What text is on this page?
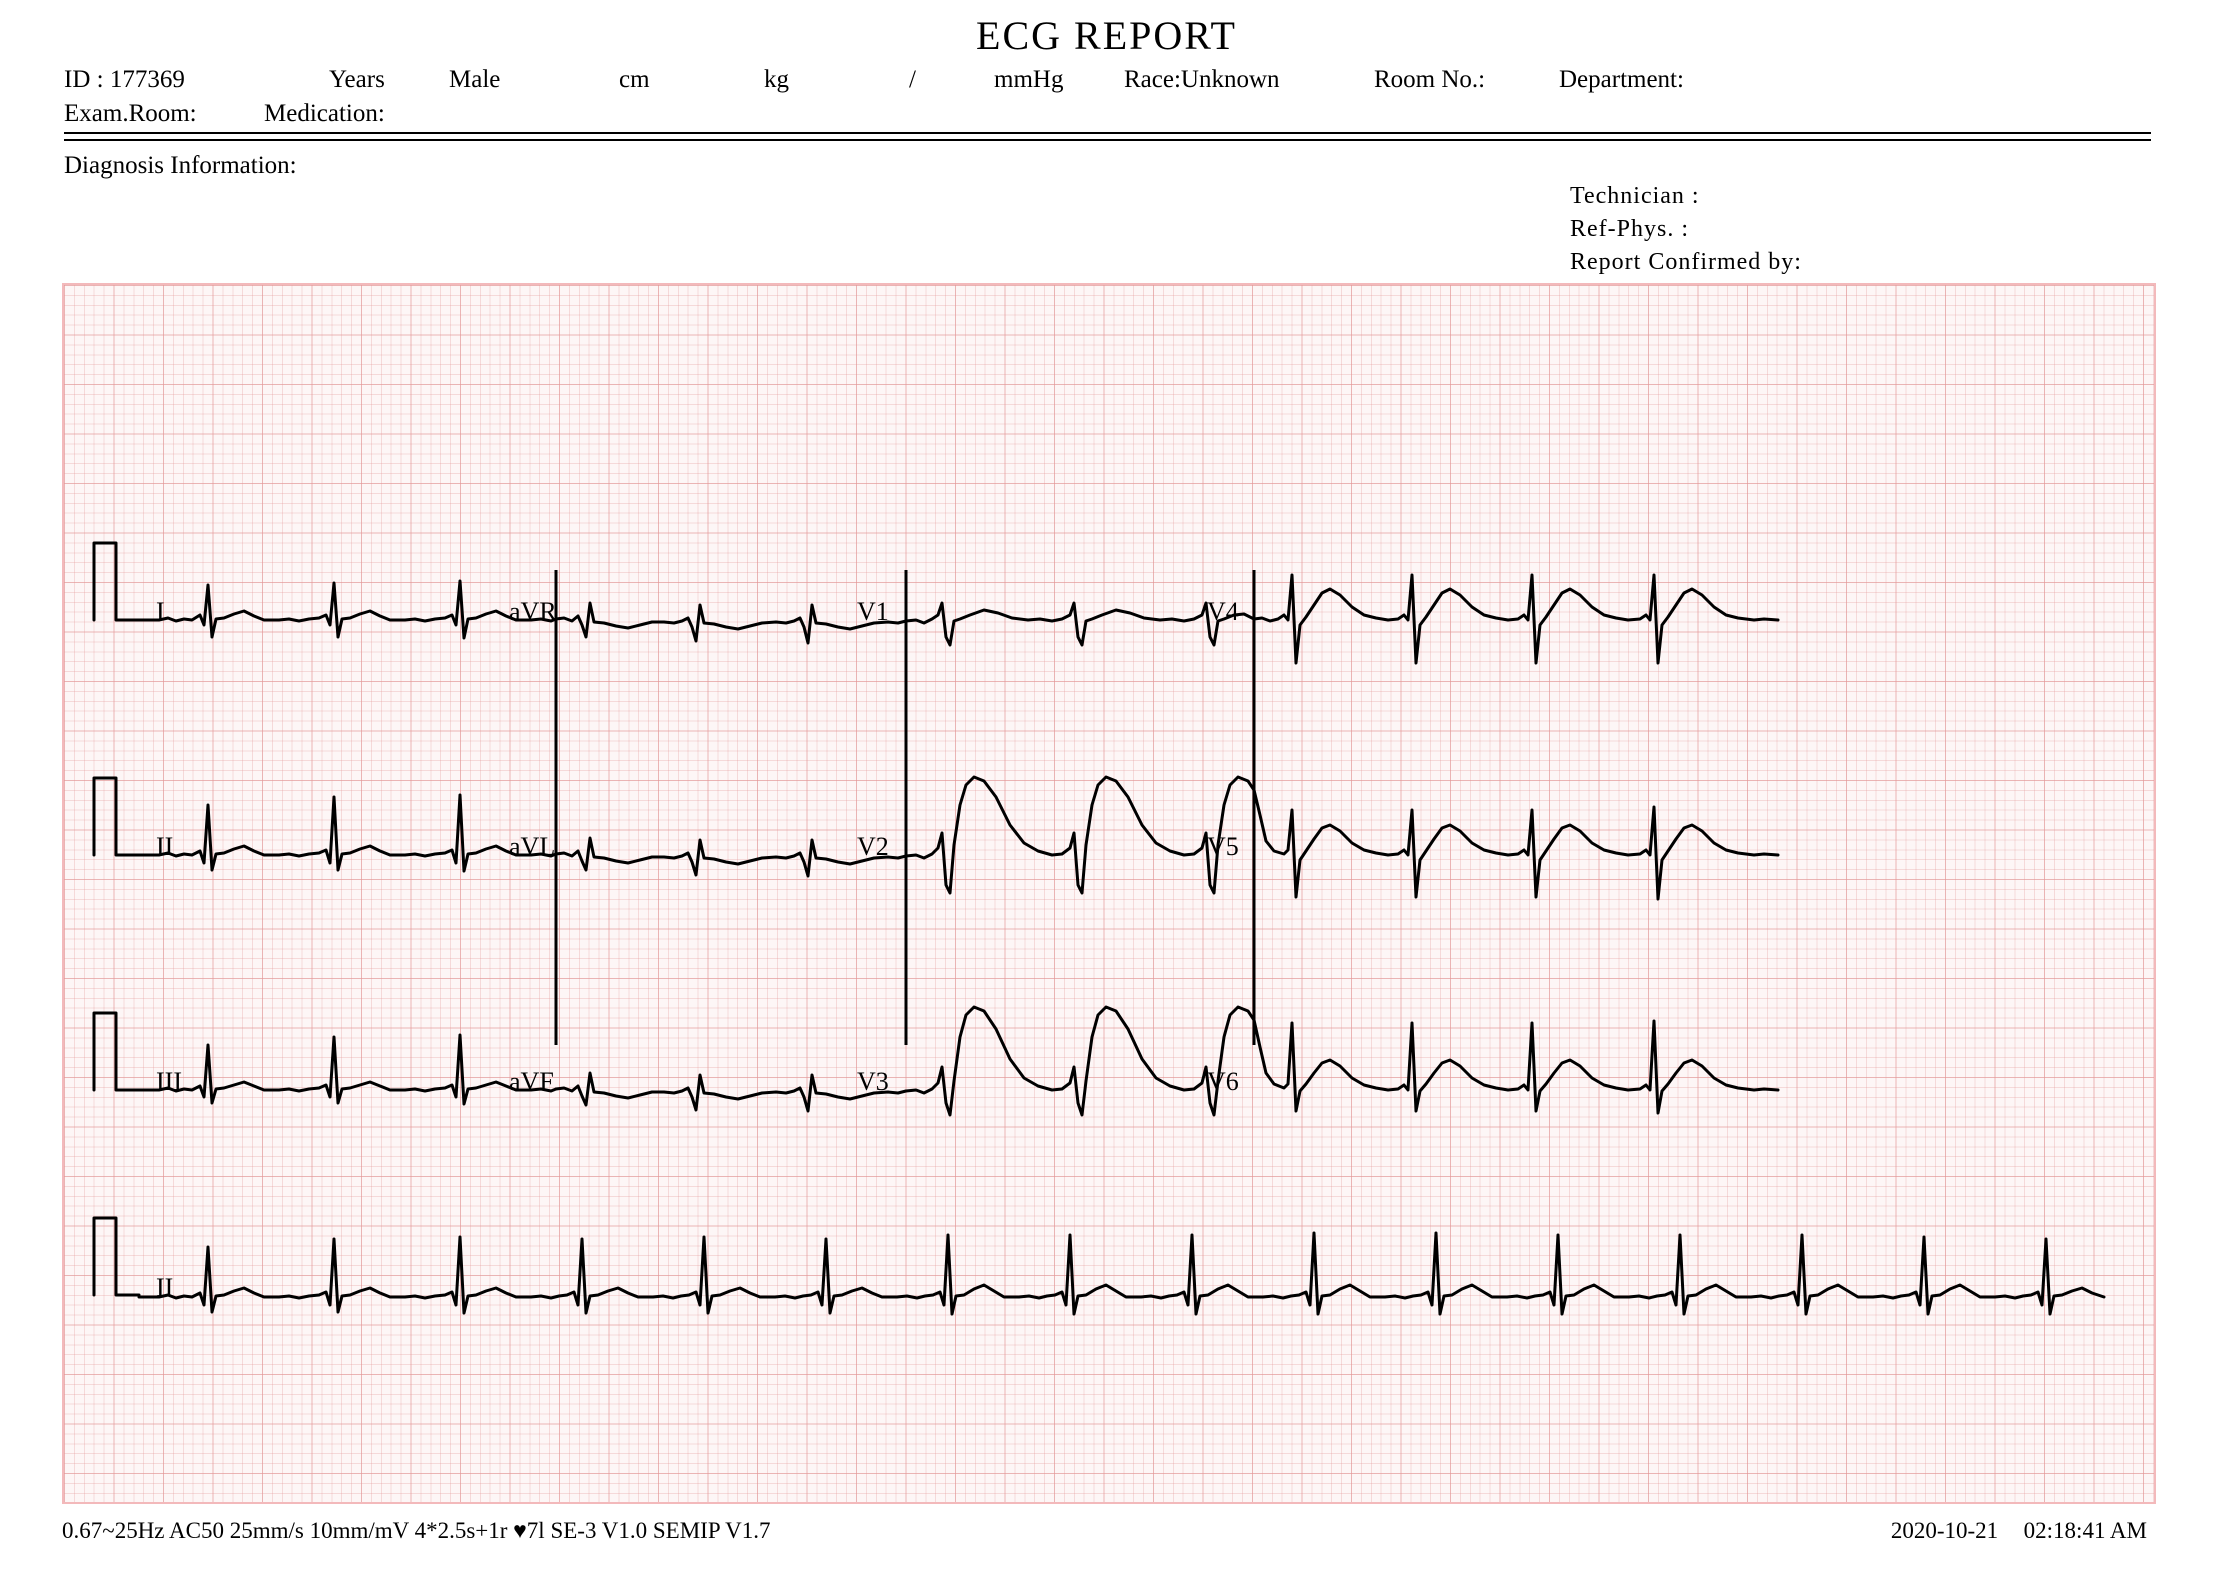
ECG REPORT
ID : 177369	Years	Male	cm	kg	/	mmHg Race:Unknown	Room No.:	Department:
Exam.Room:	Medication:
Diagnosis Information:
Technician :
Ref-Phys. :
Report Confirmed by:
I	aVR	V1	V4
II	aVL	V2	V5
III	aVF	V3	V6
II
0.67~25Hz AC50 25mm/s 10mm/mV 4*2.5s+1r ♥7l SE-3 V1.0 SEMIP V1.7	2020-10-21 02:18:41 AM
